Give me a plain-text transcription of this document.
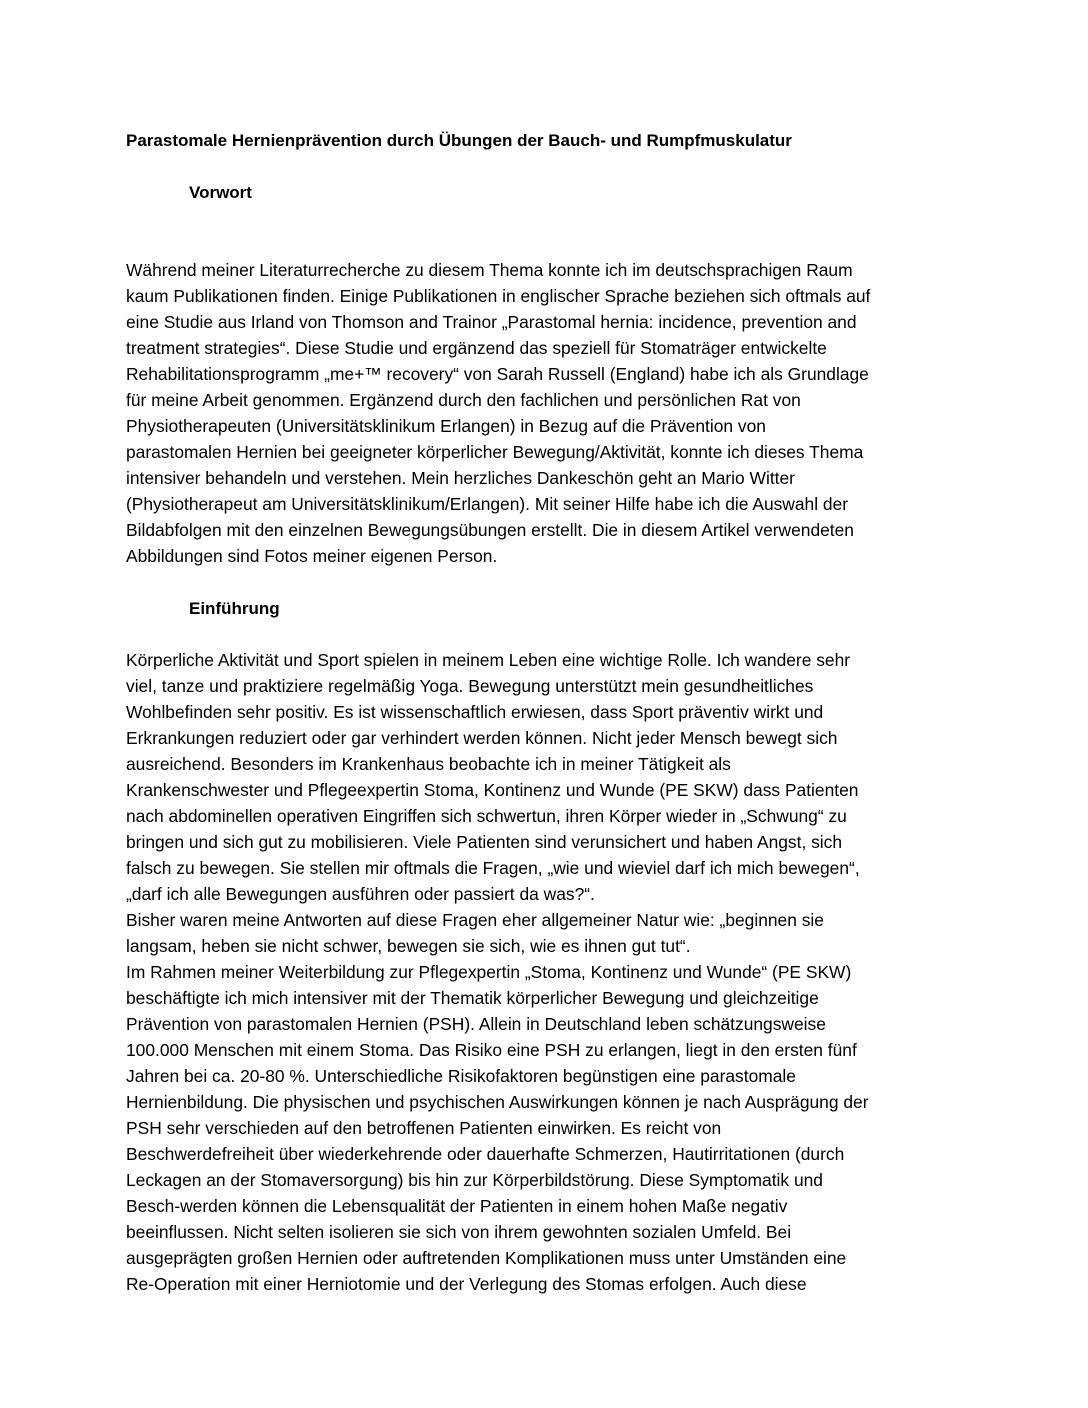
Parastomale Hernienprävention durch Übungen der Bauch- und Rumpfmuskulatur
Vorwort
Während meiner Literaturrecherche zu diesem Thema konnte ich im deutschsprachigen Raum
kaum Publikationen finden. Einige Publikationen in englischer Sprache beziehen sich oftmals auf
eine Studie aus Irland von Thomson and Trainor „Parastomal hernia: incidence, prevention and
treatment strategies“. Diese Studie und ergänzend das speziell für Stomaträger entwickelte
Rehabilitationsprogramm „me+™ recovery“ von Sarah Russell (England) habe ich als Grundlage
für meine Arbeit genommen. Ergänzend durch den fachlichen und persönlichen Rat von
Physiotherapeuten (Universitätsklinikum Erlangen) in Bezug auf die Prävention von
parastomalen Hernien bei geeigneter körperlicher Bewegung/Aktivität, konnte ich dieses Thema
intensiver behandeln und verstehen. Mein herzliches Dankeschön geht an Mario Witter
(Physiotherapeut am Universitätsklinikum/Erlangen). Mit seiner Hilfe habe ich die Auswahl der
Bildabfolgen mit den einzelnen Bewegungsübungen erstellt. Die in diesem Artikel verwendeten
Abbildungen sind Fotos meiner eigenen Person.
Einführung
Körperliche Aktivität und Sport spielen in meinem Leben eine wichtige Rolle. Ich wandere sehr
viel, tanze und praktiziere regelmäßig Yoga. Bewegung unterstützt mein gesundheitliches
Wohlbefinden sehr positiv. Es ist wissenschaftlich erwiesen, dass Sport präventiv wirkt und
Erkrankungen reduziert oder gar verhindert werden können. Nicht jeder Mensch bewegt sich
ausreichend. Besonders im Krankenhaus beobachte ich in meiner Tätigkeit als
Krankenschwester und Pflegeexpertin Stoma, Kontinenz und Wunde (PE SKW) dass Patienten
nach abdominellen operativen Eingriffen sich schwertun, ihren Körper wieder in „Schwung“ zu
bringen und sich gut zu mobilisieren. Viele Patienten sind verunsichert und haben Angst, sich
falsch zu bewegen. Sie stellen mir oftmals die Fragen, „wie und wieviel darf ich mich bewegen“,
„darf ich alle Bewegungen ausführen oder passiert da was?“.
Bisher waren meine Antworten auf diese Fragen eher allgemeiner Natur wie: „beginnen sie
langsam, heben sie nicht schwer, bewegen sie sich, wie es ihnen gut tut“.
Im Rahmen meiner Weiterbildung zur Pflegexpertin „Stoma, Kontinenz und Wunde“ (PE SKW)
beschäftigte ich mich intensiver mit der Thematik körperlicher Bewegung und gleichzeitige
Prävention von parastomalen Hernien (PSH). Allein in Deutschland leben schätzungsweise
100.000 Menschen mit einem Stoma. Das Risiko eine PSH zu erlangen, liegt in den ersten fünf
Jahren bei ca. 20-80 %. Unterschiedliche Risikofaktoren begünstigen eine parastomale
Hernienbildung. Die physischen und psychischen Auswirkungen können je nach Ausprägung der
PSH sehr verschieden auf den betroffenen Patienten einwirken. Es reicht von
Beschwerdefreiheit über wiederkehrende oder dauerhafte Schmerzen, Hautirritationen (durch
Leckagen an der Stomaversorgung) bis hin zur Körperbildstörung. Diese Symptomatik und
Besch-werden können die Lebensqualität der Patienten in einem hohen Maße negativ
beeinflussen. Nicht selten isolieren sie sich von ihrem gewohnten sozialen Umfeld. Bei
ausgeprägten großen Hernien oder auftretenden Komplikationen muss unter Umständen eine
Re-Operation mit einer Herniotomie und der Verlegung des Stomas erfolgen. Auch diese
